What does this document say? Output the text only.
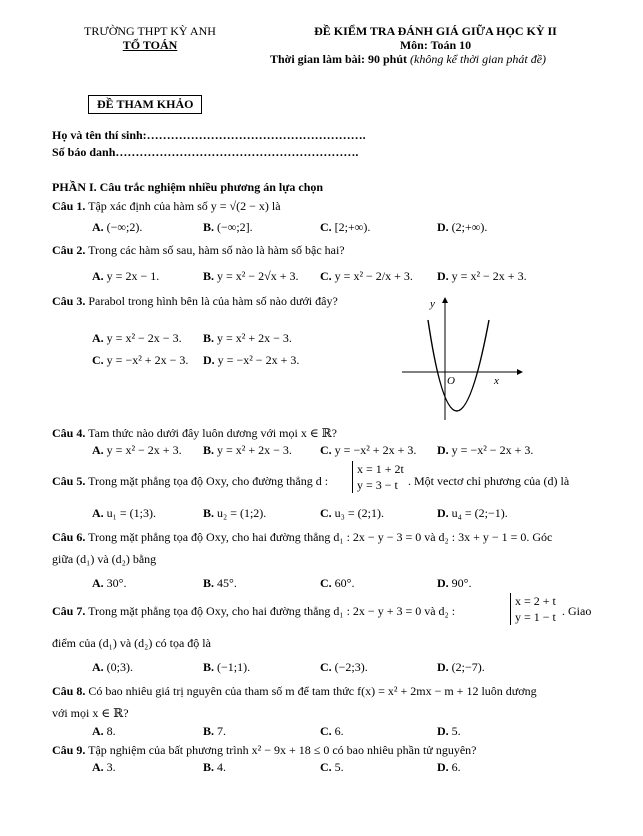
TRƯỜNG THPT KỲ ANH
TỔ TOÁN
ĐỀ THAM KHẢO
ĐỀ KIỂM TRA ĐÁNH GIÁ GIỮA HỌC KỲ II
Môn: Toán 10
Thời gian làm bài: 90 phút (không kể thời gian phát đề)
Họ và tên thí sinh:……………………………………………….
Số báo danh…………………………………………………….
PHẦN I. Câu trắc nghiệm nhiều phương án lựa chọn
Câu 1. Tập xác định của hàm số y = √(2 − x) là
A. (−∞;2).	B. (−∞;2].	C. [2;+∞).	D. (2;+∞).
Câu 2. Trong các hàm số sau, hàm số nào là hàm số bậc hai?
A. y = 2x − 1.	B. y = x² − 2√x + 3. C. y = x² − 2/x + 3. D. y = x² − 2x + 3.
Câu 3. Parabol trong hình bên là của hàm số nào dưới đây?
A. y = x² − 2x − 3. B. y = x² + 2x − 3.
C. y = −x² + 2x − 3. D. y = −x² − 2x + 3.
y
x
O
Câu 4. Tam thức nào dưới đây luôn dương với mọi x ∈ ℝ?
A. y = x² − 2x + 3. B. y = x² + 2x − 3. C. y = −x² + 2x + 3. D. y = −x² − 2x + 3.
Câu 5. Trong mặt phẳng tọa độ Oxy, cho đường thẳng d :
x = 1 + 2t
y = 3 − t . Một vectơ chỉ phương của (d) là
A. u₁ = (1;3).	B. u₂ = (1;2).	C. u₃ = (2;1).	D. u₄ = (2;−1).
Câu 6. Trong mặt phẳng tọa độ Oxy, cho hai đường thẳng d₁ : 2x − y − 3 = 0 và d₂ : 3x + y − 1 = 0. Góc
giữa (d₁) và (d₂) bằng
A. 30°.	B. 45°.	C. 60°.	D. 90°.
Câu 7. Trong mặt phẳng tọa độ Oxy, cho hai đường thẳng d₁ : 2x − y + 3 = 0 và d₂ :
x = 2 + t
y = 1 − t . Giao
điểm của (d₁) và (d₂) có tọa độ là
A. (0;3).	B. (−1;1).	C. (−2;3).	D. (2;−7).
Câu 8. Có bao nhiêu giá trị nguyên của tham số m để tam thức f(x) = x² + 2mx − m + 12 luôn dương
với mọi x ∈ ℝ?
A. 8.	B. 7.	C. 6.	D. 5.
Câu 9. Tập nghiệm của bất phương trình x² − 9x + 18 ≤ 0 có bao nhiêu phần tử nguyên?
A. 3.	B. 4.	C. 5.	D. 6.
